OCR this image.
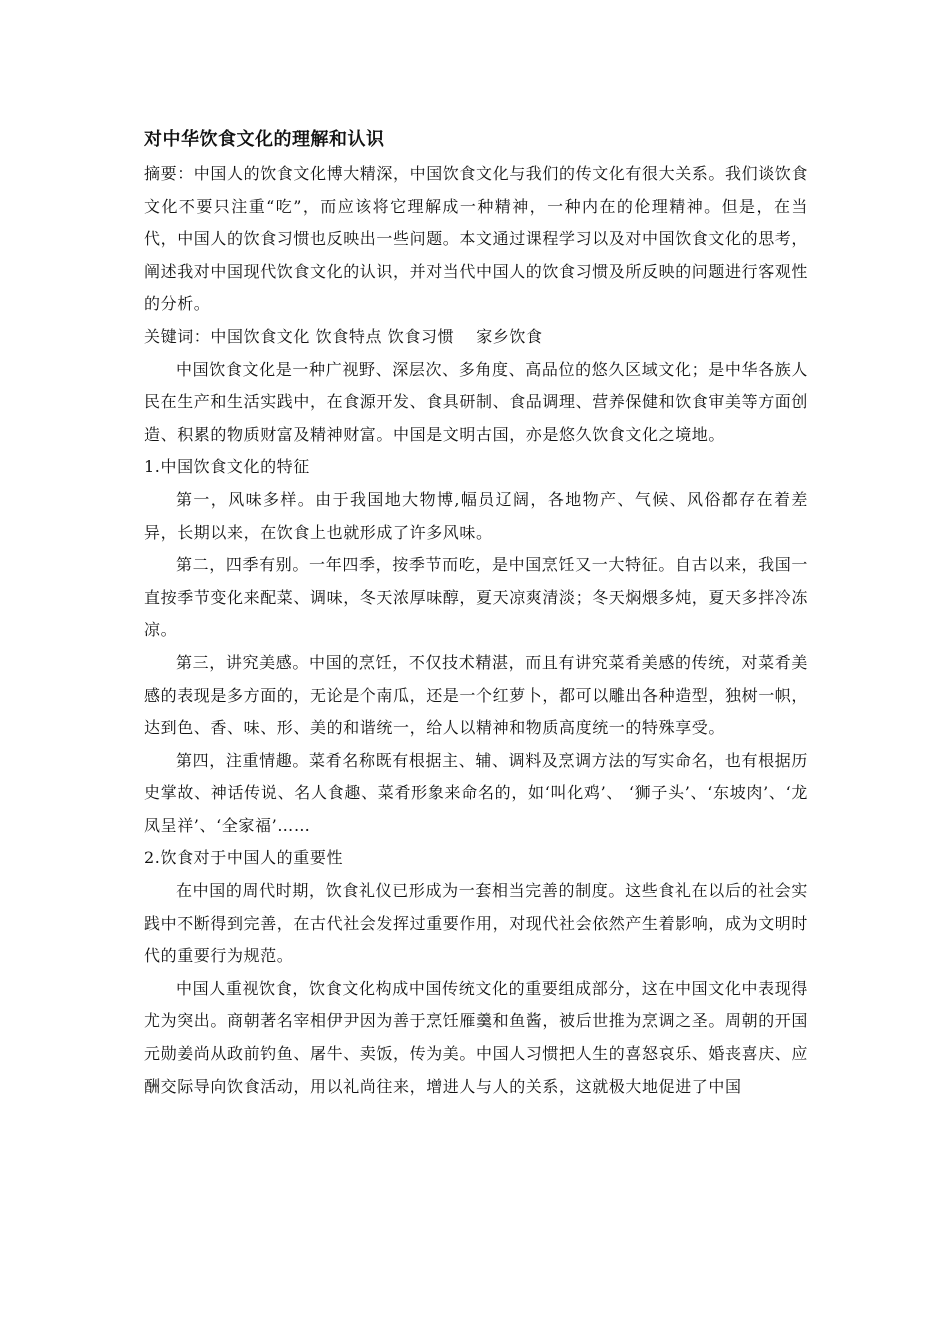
对中华饮食文化的理解和认识

摘要：中国人的饮食文化博大精深，中国饮食文化与我们的传文化有很大关系。我们谈饮食文化不要只注重“吃”，而应该将它理解成一种精神，一种内在的伦理精神。但是，在当代，中国人的饮食习惯也反映出一些问题。本文通过课程学习以及对中国饮食文化的思考，阐述我对中国现代饮食文化的认识，并对当代中国人的饮食习惯及所反映的问题进行客观性的分析。

关键词：中国饮食文化 饮食特点 饮食习惯 家乡饮食

中国饮食文化是一种广视野、深层次、多角度、高品位的悠久区域文化；是中华各族人民在生产和生活实践中，在食源开发、食具研制、食品调理、营养保健和饮食审美等方面创造、积累的物质财富及精神财富。中国是文明古国，亦是悠久饮食文化之境地。

1.中国饮食文化的特征

第一，风味多样。由于我国地大物博,幅员辽阔，各地物产、气候、风俗都存在着差异，长期以来，在饮食上也就形成了许多风味。

第二，四季有别。一年四季，按季节而吃，是中国烹饪又一大特征。自古以来，我国一直按季节变化来配菜、调味，冬天浓厚味醇，夏天凉爽清淡；冬天焖煨多炖，夏天多拌冷冻凉。

第三，讲究美感。中国的烹饪，不仅技术精湛，而且有讲究菜肴美感的传统，对菜肴美感的表现是多方面的，无论是个南瓜，还是一个红萝卜，都可以雕出各种造型，独树一帜，达到色、香、味、形、美的和谐统一，给人以精神和物质高度统一的特殊享受。

第四，注重情趣。菜肴名称既有根据主、辅、调料及烹调方法的写实命名，也有根据历史掌故、神话传说、名人食趣、菜肴形象来命名的，如‘叫化鸡’、 ‘狮子头’、‘东坡肉’、‘龙凤呈祥’、‘全家福’……

2.饮食对于中国人的重要性

在中国的周代时期，饮食礼仪已形成为一套相当完善的制度。这些食礼在以后的社会实践中不断得到完善，在古代社会发挥过重要作用，对现代社会依然产生着影响，成为文明时代的重要行为规范。

中国人重视饮食，饮食文化构成中国传统文化的重要组成部分，这在中国文化中表现得尤为突出。商朝著名宰相伊尹因为善于烹饪雁羹和鱼酱，被后世推为烹调之圣。周朝的开国元勋姜尚从政前钓鱼、屠牛、卖饭，传为美。中国人习惯把人生的喜怒哀乐、婚丧喜庆、应酬交际导向饮食活动，用以礼尚往来，增进人与人的关系，这就极大地促进了中国
